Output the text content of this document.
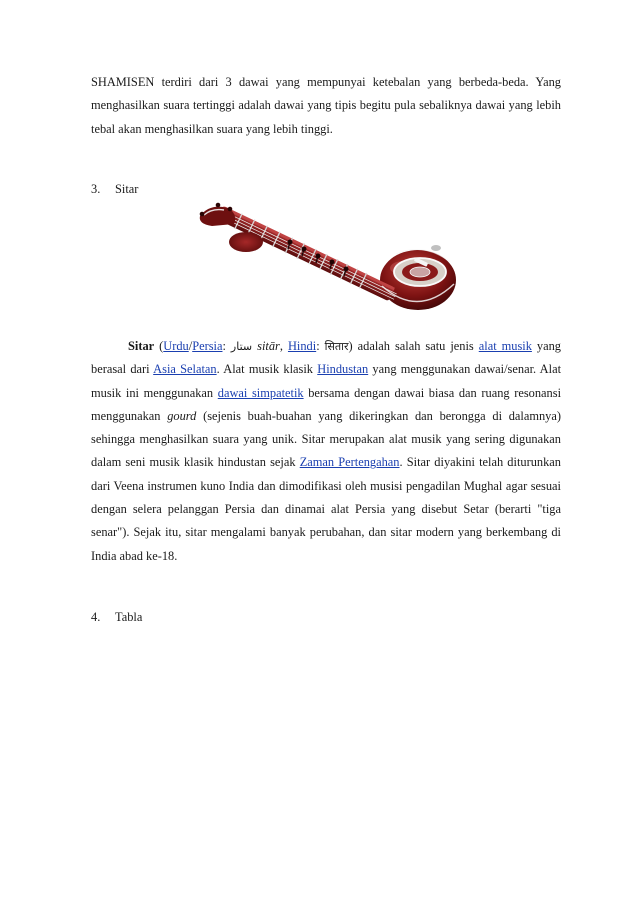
SHAMISEN terdiri dari 3 dawai yang mempunyai ketebalan yang berbeda-beda. Yang menghasilkan suara tertinggi adalah dawai yang tipis begitu pula sebaliknya dawai yang lebih tebal akan menghasilkan suara yang lebih tinggi.

3. Sitar

Sitar (Urdu/Persia: ستار sitār, Hindi: सितार) adalah salah satu jenis alat musik yang berasal dari Asia Selatan. Alat musik klasik Hindustan yang menggunakan dawai/senar. Alat musik ini menggunakan dawai simpatetik bersama dengan dawai biasa dan ruang resonansi menggunakan gourd (sejenis buah-buahan yang dikeringkan dan berongga di dalamnya) sehingga menghasilkan suara yang unik. Sitar merupakan alat musik yang sering digunakan dalam seni musik klasik hindustan sejak Zaman Pertengahan. Sitar diyakini telah diturunkan dari Veena instrumen kuno India dan dimodifikasi oleh musisi pengadilan Mughal agar sesuai dengan selera pelanggan Persia dan dinamai alat Persia yang disebut Setar (berarti "tiga senar"). Sejak itu, sitar mengalami banyak perubahan, dan sitar modern yang berkembang di India abad ke-18.

4. Tabla
